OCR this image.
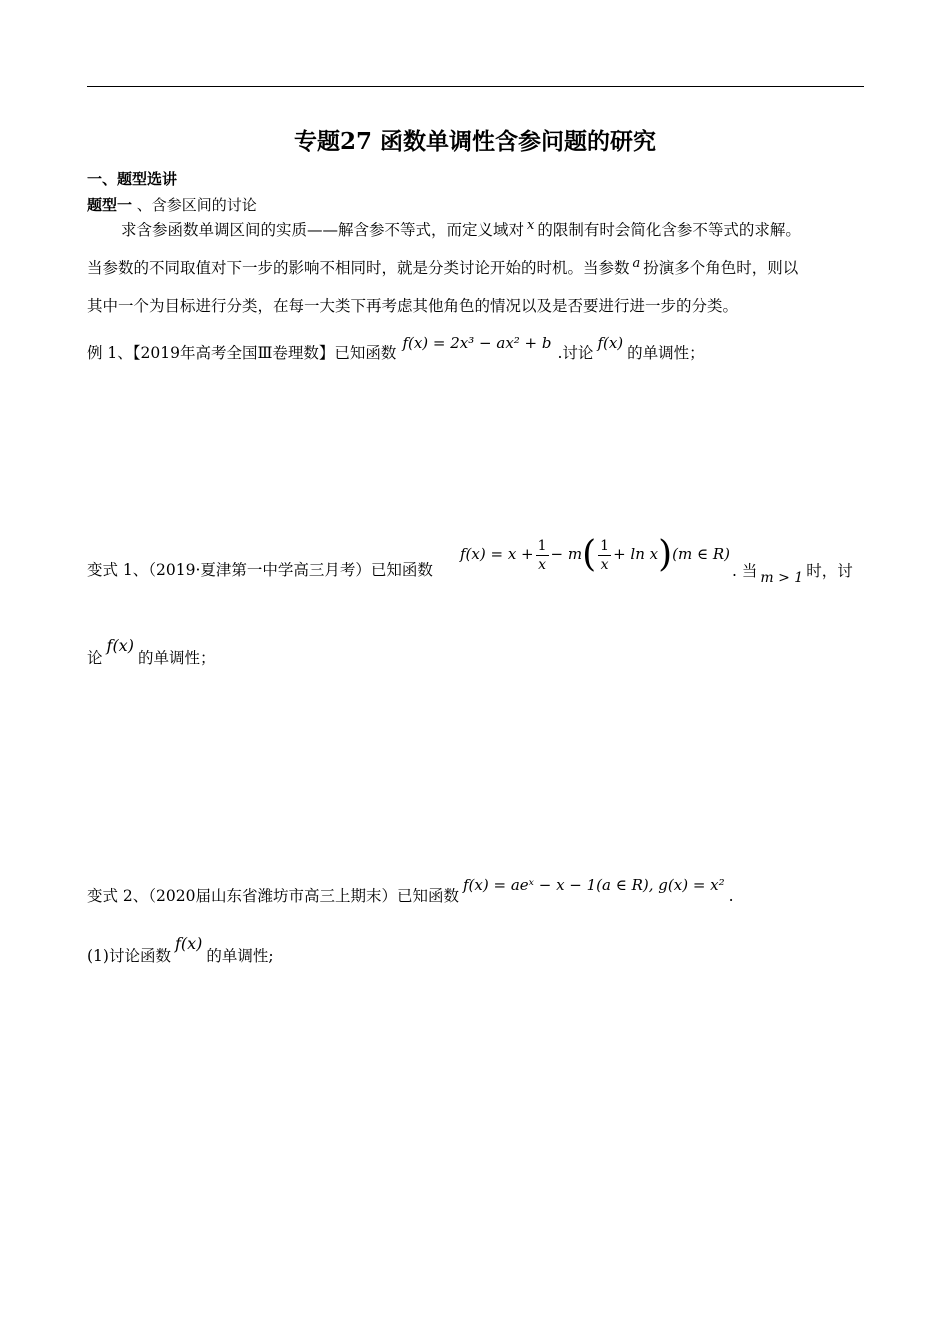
专题27 函数单调性含参问题的研究
一、题型选讲
题型一 、含参区间的讨论
求含参函数单调区间的实质——解含参不等式，而定义域对 $^x$ 的限制有时会简化含参不等式的求解。
当参数的不同取值对下一步的影响不相同时，就是分类讨论开始的时机。当参数 $^a$ 扮演多个角色时，则以
其中一个为目标进行分类，在每一大类下再考虑其他角色的情况以及是否要进行进一步的分类。
例 1、【2019年高考全国Ⅲ卷理数】已知函数f(x) = 2x³ − ax² + b.讨论f(x)的单调性；
变式 1、（2019·夏津第一中学高三月考）已知函数
$f(x) = x + \frac{1}{x} - m( \frac{1}{x} + \ln x)(m$ ∈ R)
. 当 m > 1 时，讨
论f(x)的单调性；
变式 2、（2020届山东省潍坊市高三上期末）已知函数f(x) = aeˣ − x − 1(a ∈ R), g(x) = x².
(1)讨论函数f(x)的单调性;
